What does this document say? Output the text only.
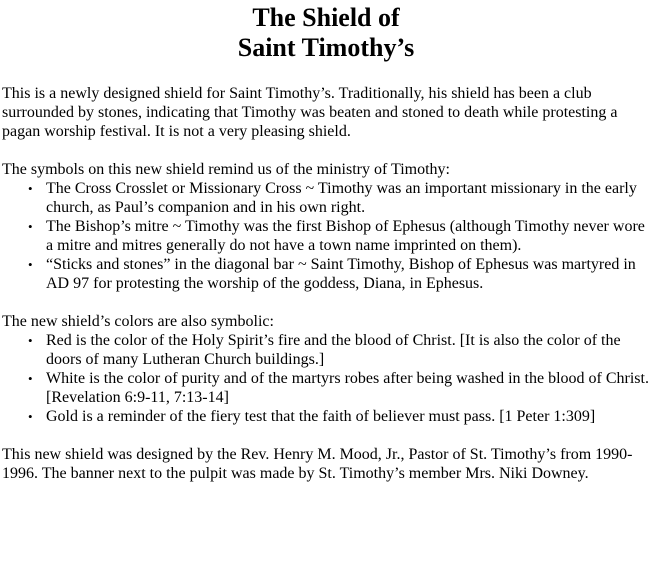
The Shield of
Saint Timothy’s

This is a newly designed shield for Saint Timothy’s. Traditionally, his shield has been a club surrounded by stones, indicating that Timothy was beaten and stoned to death while protesting a pagan worship festival. It is not a very pleasing shield.

The symbols on this new shield remind us of the ministry of Timothy:

• The Cross Crosslet or Missionary Cross ~ Timothy was an important missionary in the early church, as Paul’s companion and in his own right.
• The Bishop’s mitre ~ Timothy was the first Bishop of Ephesus (although Timothy never wore a mitre and mitres generally do not have a town name imprinted on them).
• “Sticks and stones” in the diagonal bar ~ Saint Timothy, Bishop of Ephesus was martyred in AD 97 for protesting the worship of the goddess, Diana, in Ephesus.

The new shield’s colors are also symbolic:

• Red is the color of the Holy Spirit’s fire and the blood of Christ. [It is also the color of the doors of many Lutheran Church buildings.]
• White is the color of purity and of the martyrs robes after being washed in the blood of Christ. [Revelation 6:9-11, 7:13-14]
• Gold is a reminder of the fiery test that the faith of believer must pass. [1 Peter 1:309]

This new shield was designed by the Rev. Henry M. Mood, Jr., Pastor of St. Timothy’s from 1990-1996. The banner next to the pulpit was made by St. Timothy’s member Mrs. Niki Downey.
